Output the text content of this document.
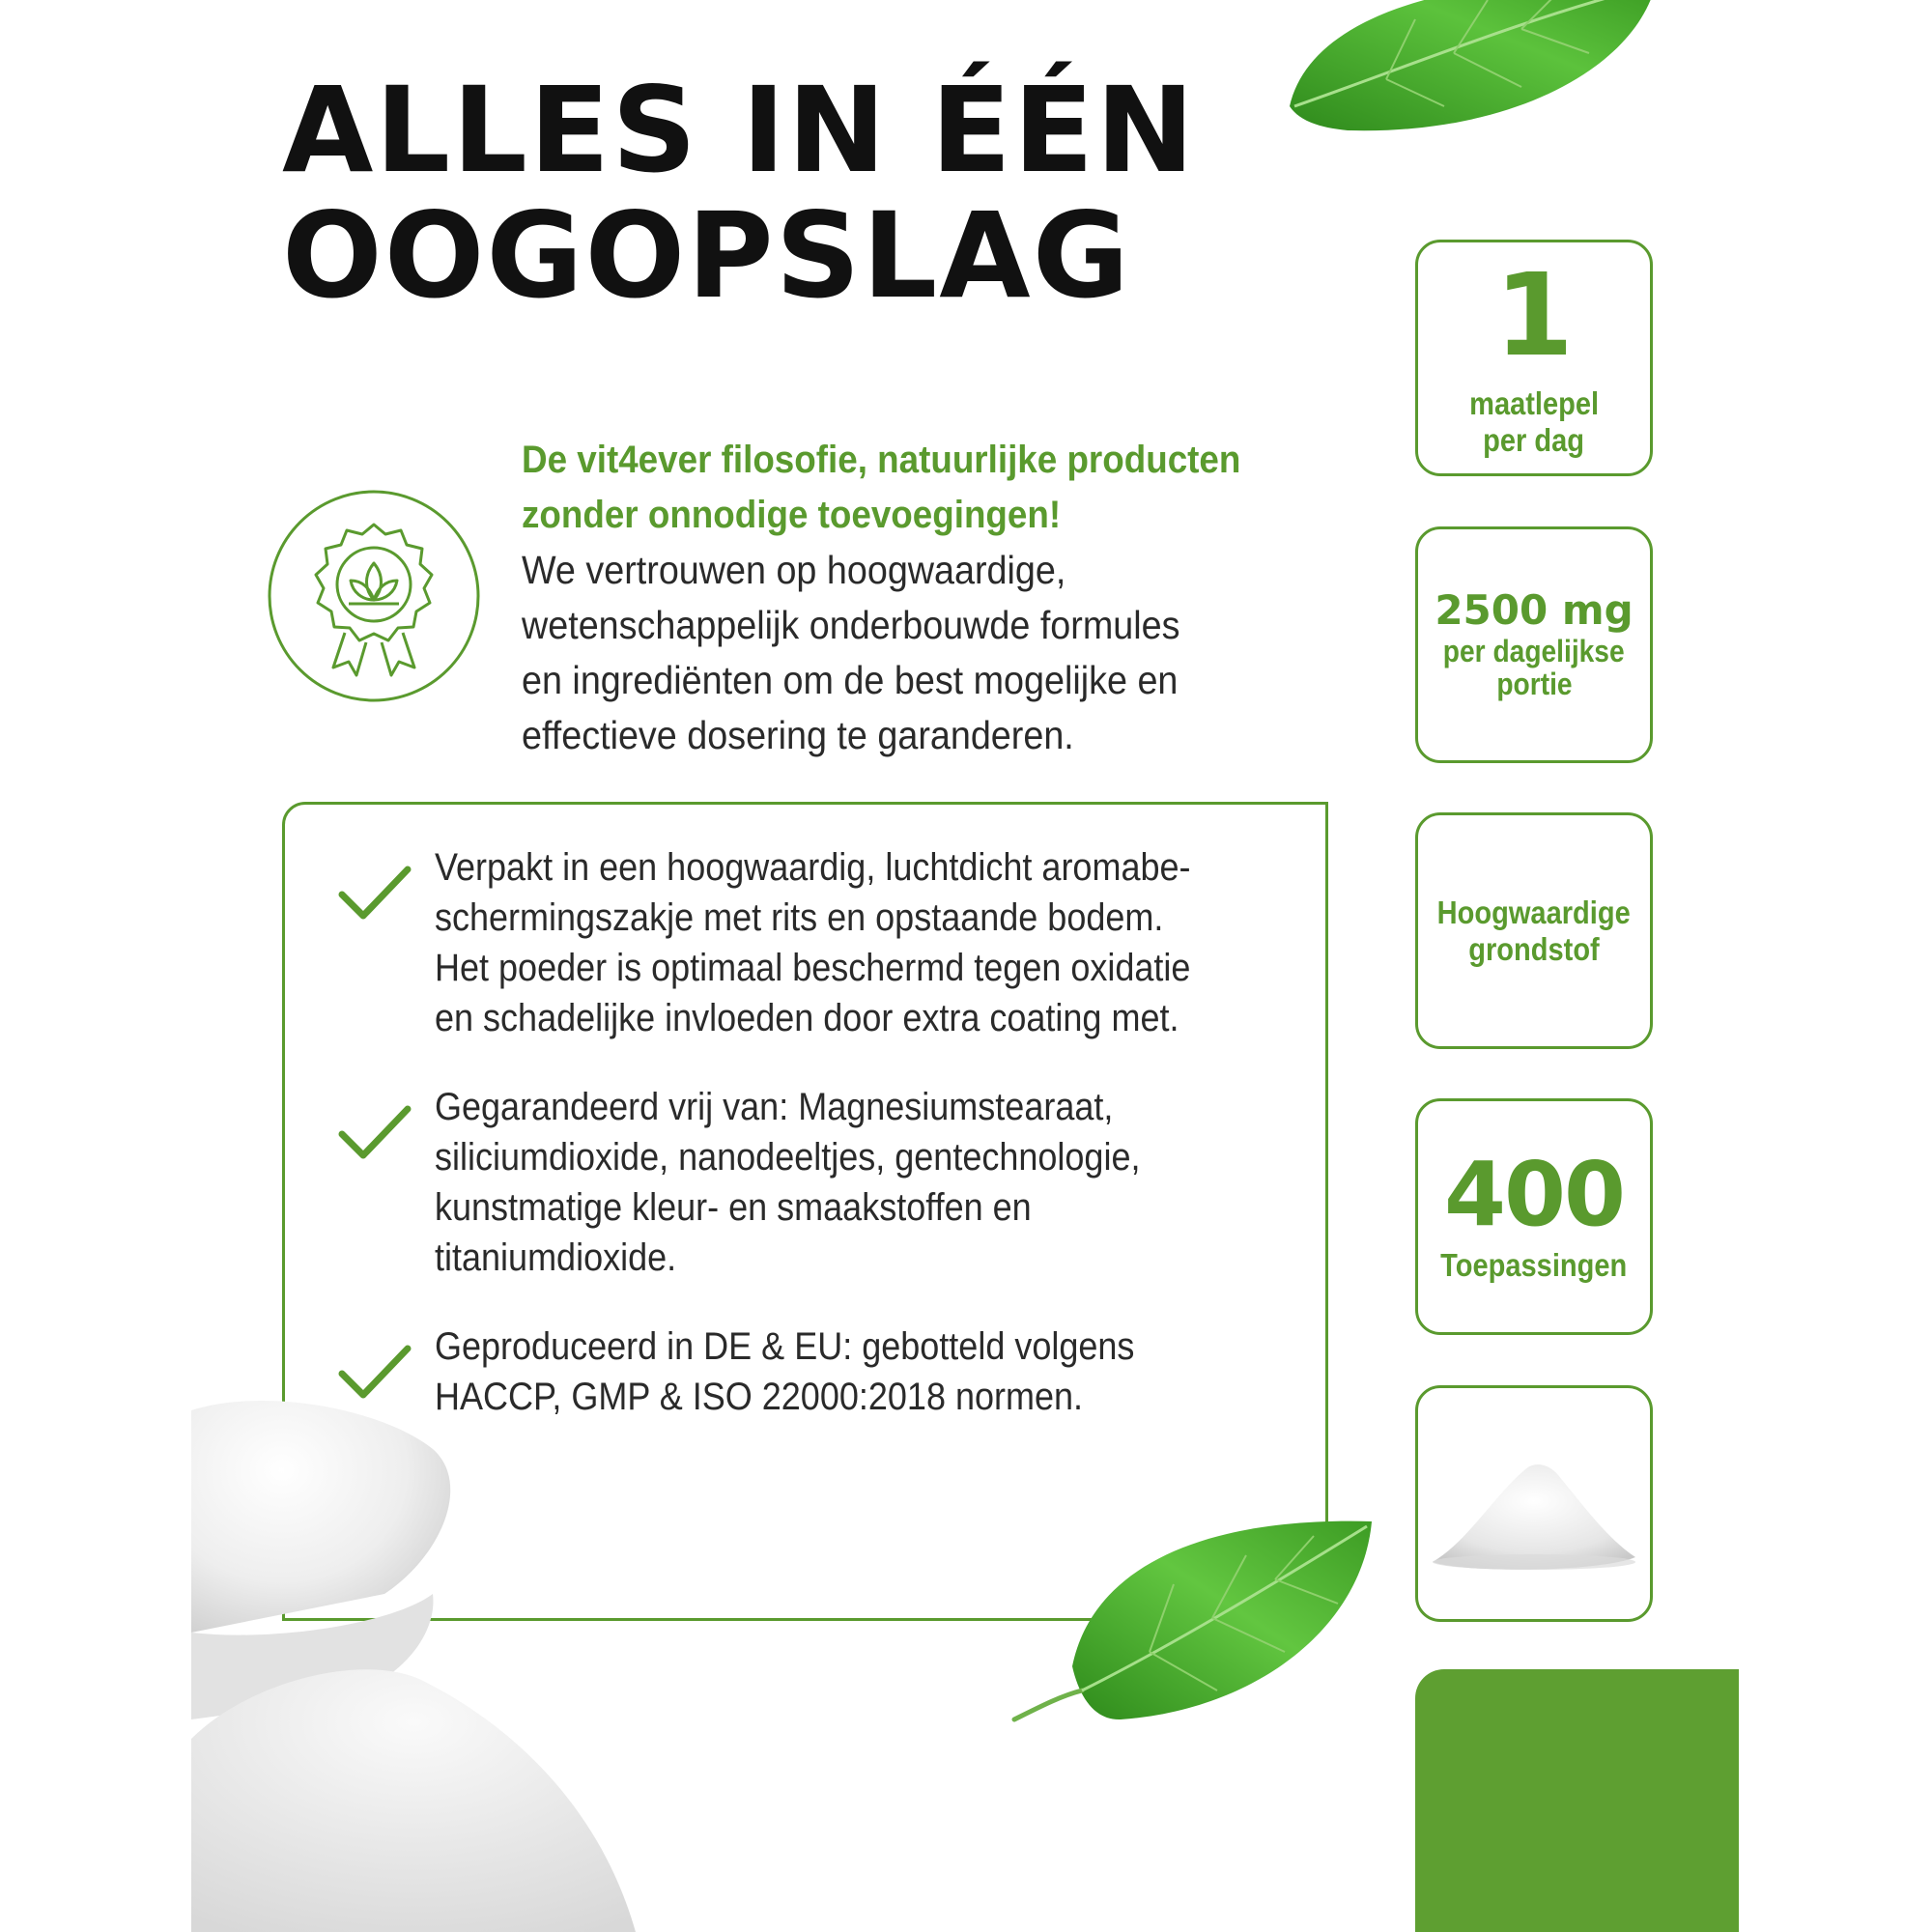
ALLES IN ÉÉN
OOGOPSLAG

De vit4ever filosofie, natuurlijke producten

zonder onnodige toevoegingen!

We vertrouwen op hoogwaardige,

wetenschappelijk onderbouwde formules

en ingrediënten om de best mogelijke en

effectieve dosering te garanderen.

Verpakt in een hoogwaardig, luchtdicht aromabe-
schermingszakje met rits en opstaande bodem.
Het poeder is optimaal beschermd tegen oxidatie
en schadelijke invloeden door extra coating met.
Gegarandeerd vrij van: Magnesiumstearaat,
siliciumdioxide, nanodeeltjes, gentechnologie,
kunstmatige kleur- en smaakstoffen en
titaniumdioxide.
Geproduceerd in DE & EU: gebotteld volgens
HACCP, GMP & ISO 22000:2018 normen.
1
maatlepel
per dag
2500 mg
per dagelijkse
portie
Hoogwaardige
grondstof
400
Toepassingen
